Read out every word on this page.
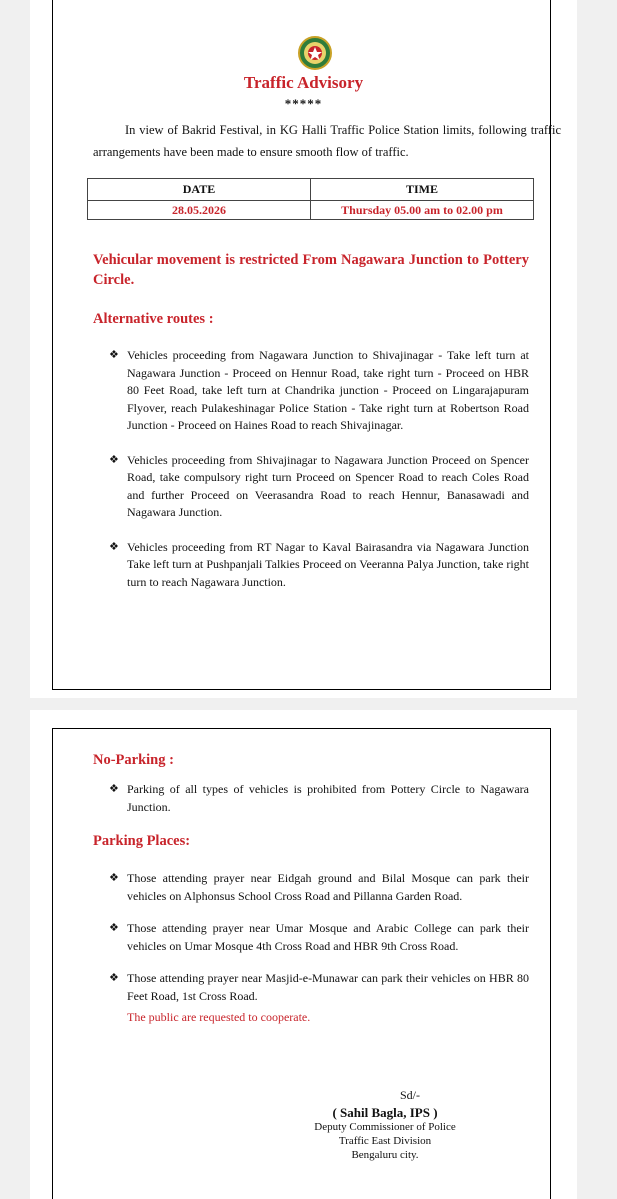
Traffic Advisory
*****

In view of Bakrid Festival, in KG Halli Traffic Police Station limits, following traffic arrangements have been made to ensure smooth flow of traffic.

DATE	TIME
28.05.2026	Thursday 05.00 am to 02.00 pm

Vehicular movement is restricted From Nagawara Junction to Pottery Circle.

Alternative routes :
❖ Vehicles proceeding from Nagawara Junction to Shivajinagar - Take left turn at Nagawara Junction - Proceed on Hennur Road, take right turn - Proceed on HBR 80 Feet Road, take left turn at Chandrika junction - Proceed on Lingarajapuram Flyover, reach Pulakeshinagar Police Station - Take right turn at Robertson Road Junction - Proceed on Haines Road to reach Shivajinagar.
❖ Vehicles proceeding from Shivajinagar to Nagawara Junction Proceed on Spencer Road, take compulsory right turn Proceed on Spencer Road to reach Coles Road and further Proceed on Veerasandra Road to reach Hennur, Banasawadi and Nagawara Junction.
❖ Vehicles proceeding from RT Nagar to Kaval Bairasandra via Nagawara Junction Take left turn at Pushpanjali Talkies Proceed on Veeranna Palya Junction, take right turn to reach Nagawara Junction.
No-Parking :
❖ Parking of all types of vehicles is prohibited from Pottery Circle to Nagawara Junction.
Parking Places:
❖ Those attending prayer near Eidgah ground and Bilal Mosque can park their vehicles on Alphonsus School Cross Road and Pillanna Garden Road.
❖ Those attending prayer near Umar Mosque and Arabic College can park their vehicles on Umar Mosque 4th Cross Road and HBR 9th Cross Road.
❖ Those attending prayer near Masjid-e-Munawar can park their vehicles on HBR 80 Feet Road, 1st Cross Road.
The public are requested to cooperate.
Sd/-
( Sahil Bagla, IPS )
Deputy Commissioner of Police
Traffic East Division
Bengaluru city.
